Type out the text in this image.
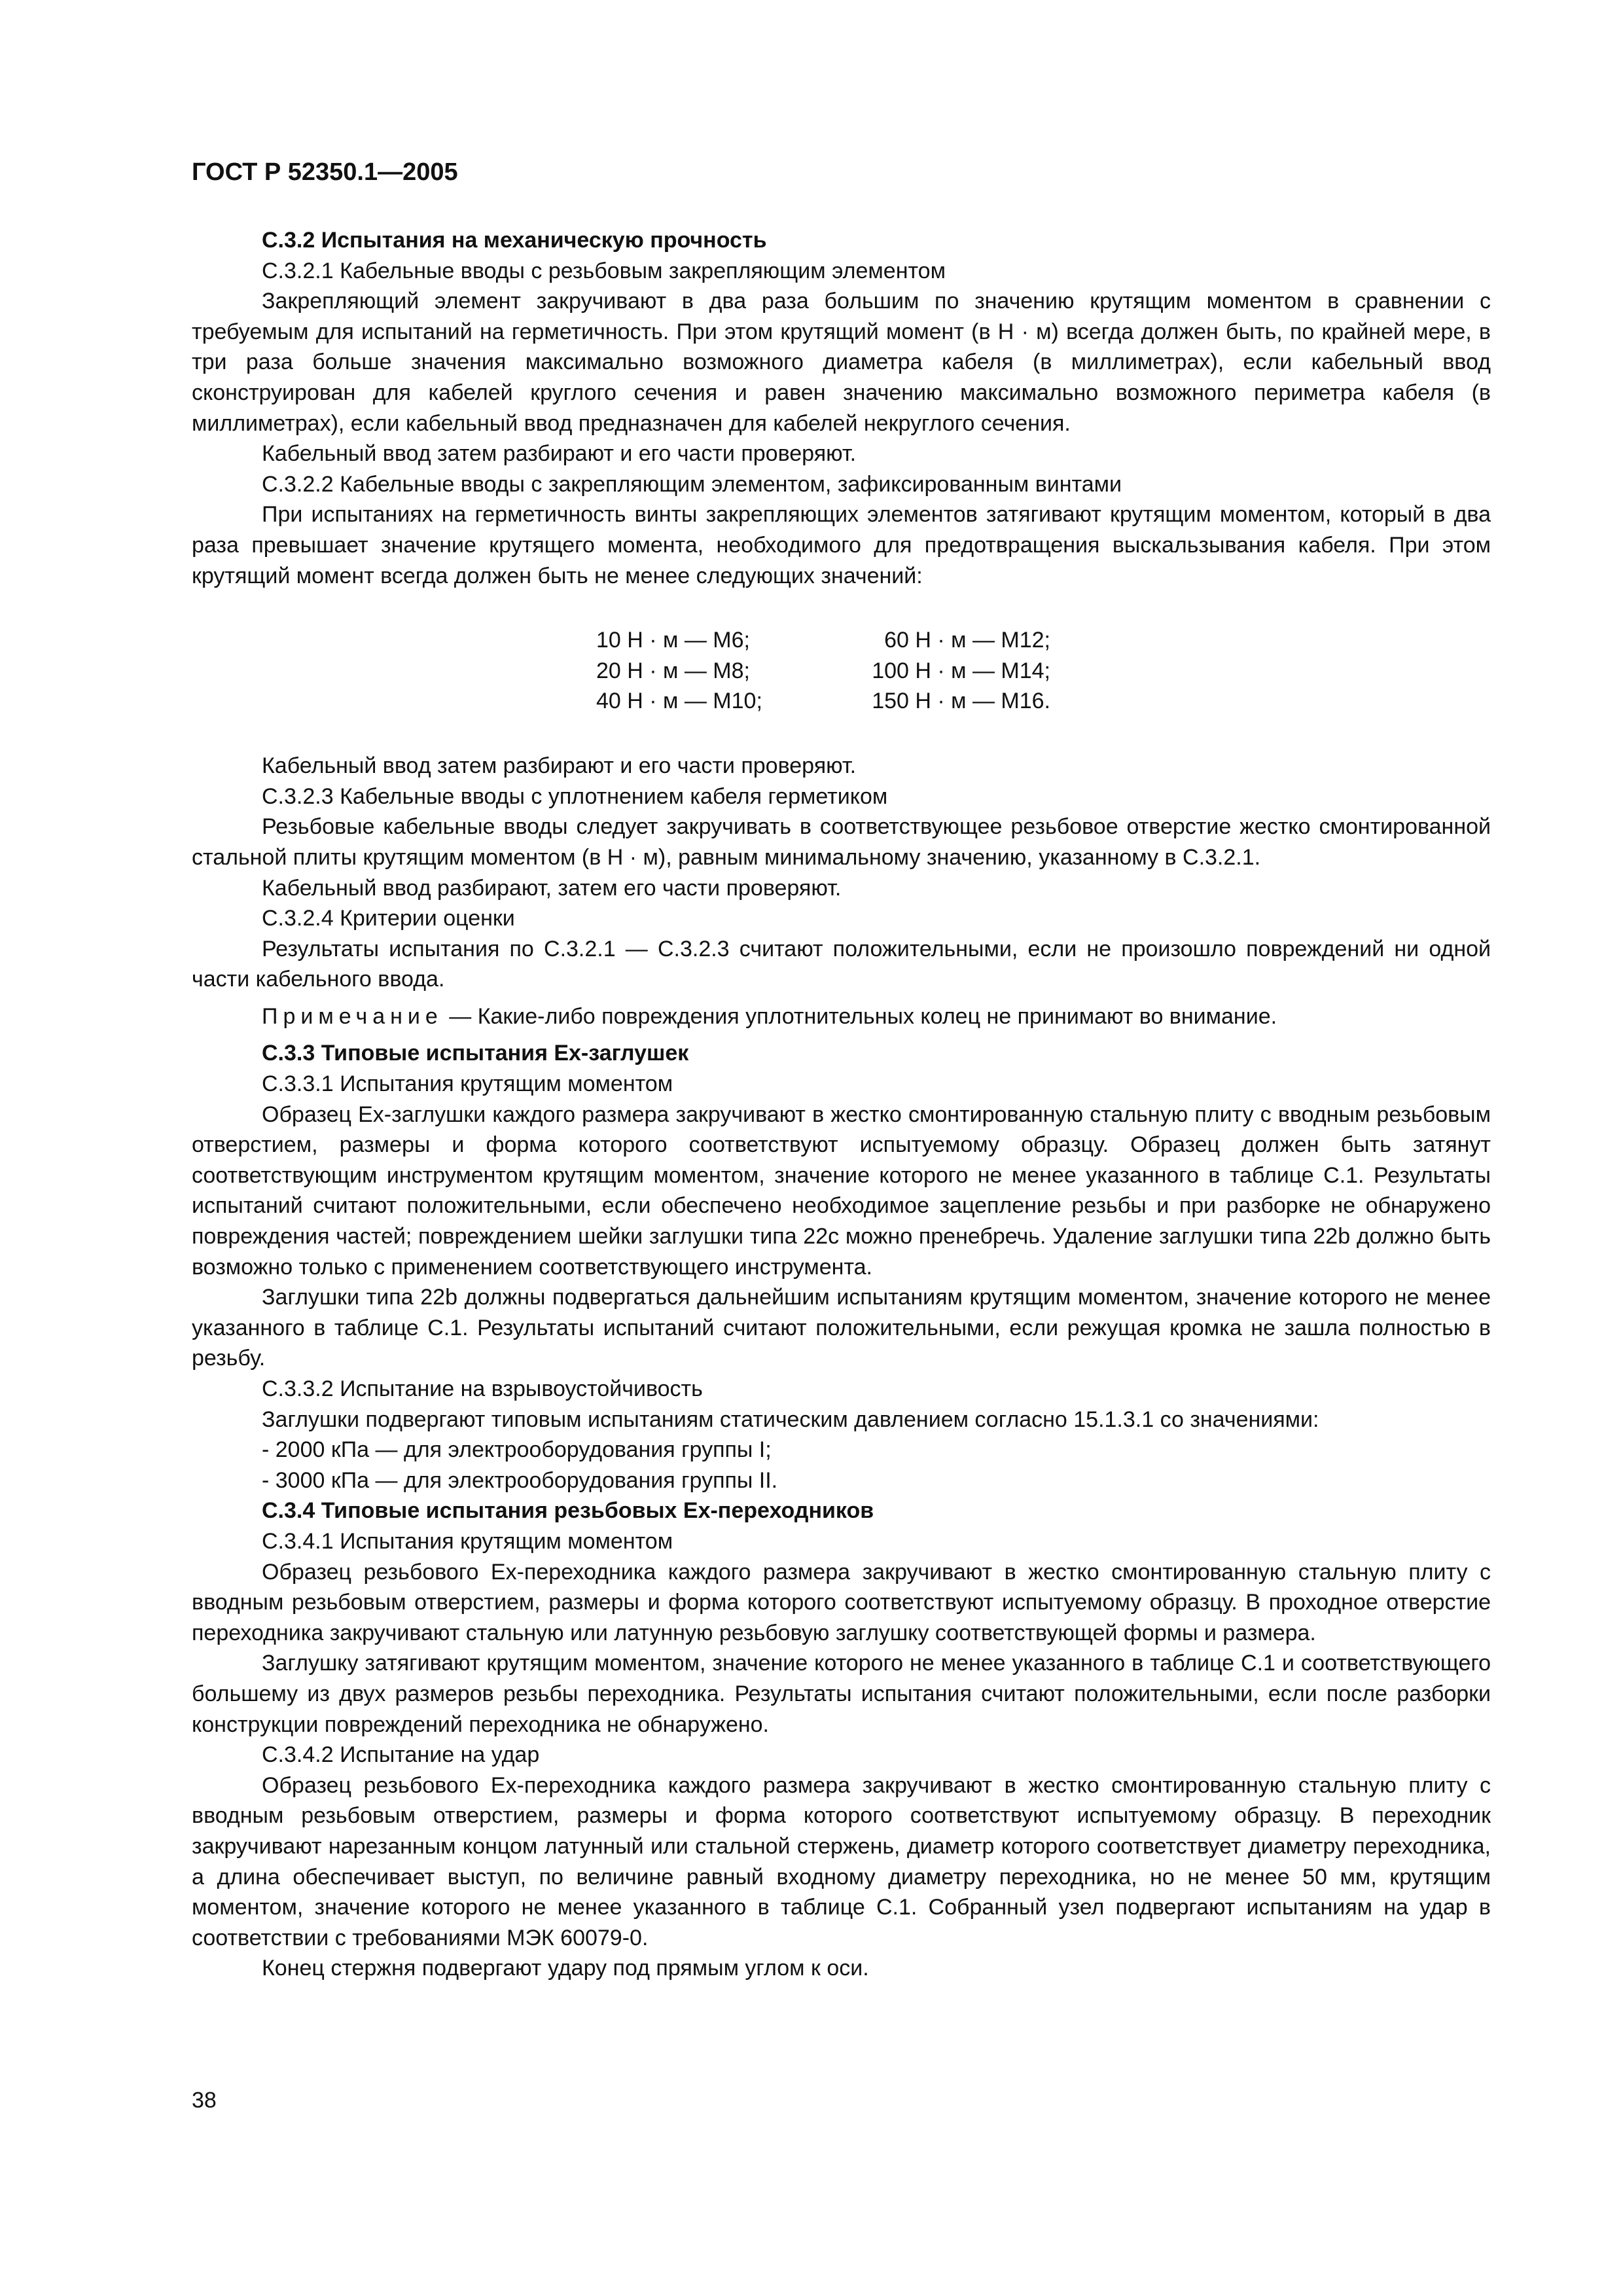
ГОСТ Р 52350.1—2005

С.3.2 Испытания на механическую прочность

С.3.2.1 Кабельные вводы с резьбовым закрепляющим элементом

Закрепляющий элемент закручивают в два раза большим по значению крутящим моментом в сравнении с требуемым для испытаний на герметичность. При этом крутящий момент (в Н · м) всегда должен быть, по крайней мере, в три раза больше значения максимально возможного диаметра кабеля (в миллиметрах), если кабельный ввод сконструирован для кабелей круглого сечения и равен значению максимально возможного периметра кабеля (в миллиметрах), если кабельный ввод предназначен для кабелей некруглого сечения.

Кабельный ввод затем разбирают и его части проверяют.

С.3.2.2 Кабельные вводы с закрепляющим элементом, зафиксированным винтами

При испытаниях на герметичность винты закрепляющих элементов затягивают крутящим моментом, который в два раза превышает значение крутящего момента, необходимого для предотвращения выскальзывания кабеля. При этом крутящий момент всегда должен быть не менее следующих значений:

10 Н · м — М6;
20 Н · м — М8;
40 Н · м — М10;
60 Н · м — М12;
100 Н · м — М14;
150 Н · м — М16.

Кабельный ввод затем разбирают и его части проверяют.

С.3.2.3 Кабельные вводы с уплотнением кабеля герметиком

Резьбовые кабельные вводы следует закручивать в соответствующее резьбовое отверстие жестко смонтированной стальной плиты крутящим моментом (в Н · м), равным минимальному значению, указанному в С.3.2.1.

Кабельный ввод разбирают, затем его части проверяют.

С.3.2.4 Критерии оценки

Результаты испытания по С.3.2.1 — С.3.2.3 считают положительными, если не произошло повреждений ни одной части кабельного ввода.

Примечание — Какие-либо повреждения уплотнительных колец не принимают во внимание.

С.3.3 Типовые испытания Ех-заглушек

С.3.3.1 Испытания крутящим моментом

Образец Ех-заглушки каждого размера закручивают в жестко смонтированную стальную плиту с вводным резьбовым отверстием, размеры и форма которого соответствуют испытуемому образцу. Образец должен быть затянут соответствующим инструментом крутящим моментом, значение которого не менее указанного в таблице С.1. Результаты испытаний считают положительными, если обеспечено необходимое зацепление резьбы и при разборке не обнаружено повреждения частей; повреждением шейки заглушки типа 22с можно пренебречь. Удаление заглушки типа 22b должно быть возможно только с применением соответствующего инструмента.

Заглушки типа 22b должны подвергаться дальнейшим испытаниям крутящим моментом, значение которого не менее указанного в таблице С.1. Результаты испытаний считают положительными, если режущая кромка не зашла полностью в резьбу.

С.3.3.2 Испытание на взрывоустойчивость

Заглушки подвергают типовым испытаниям статическим давлением согласно 15.1.3.1 со значениями:

- 2000 кПа — для электрооборудования группы I;

- 3000 кПа — для электрооборудования группы II.

С.3.4 Типовые испытания резьбовых Ех-переходников

С.3.4.1 Испытания крутящим моментом

Образец резьбового Ех-переходника каждого размера закручивают в жестко смонтированную стальную плиту с вводным резьбовым отверстием, размеры и форма которого соответствуют испытуемому образцу. В проходное отверстие переходника закручивают стальную или латунную резьбовую заглушку соответствующей формы и размера.

Заглушку затягивают крутящим моментом, значение которого не менее указанного в таблице С.1 и соответствующего большему из двух размеров резьбы переходника. Результаты испытания считают положительными, если после разборки конструкции повреждений переходника не обнаружено.

С.3.4.2 Испытание на удар

Образец резьбового Ех-переходника каждого размера закручивают в жестко смонтированную стальную плиту с вводным резьбовым отверстием, размеры и форма которого соответствуют испытуемому образцу. В переходник закручивают нарезанным концом латунный или стальной стержень, диаметр которого соответствует диаметру переходника, а длина обеспечивает выступ, по величине равный входному диаметру переходника, но не менее 50 мм, крутящим моментом, значение которого не менее указанного в таблице С.1. Собранный узел подвергают испытаниям на удар в соответствии с требованиями МЭК 60079-0.

Конец стержня подвергают удару под прямым углом к оси.

38
